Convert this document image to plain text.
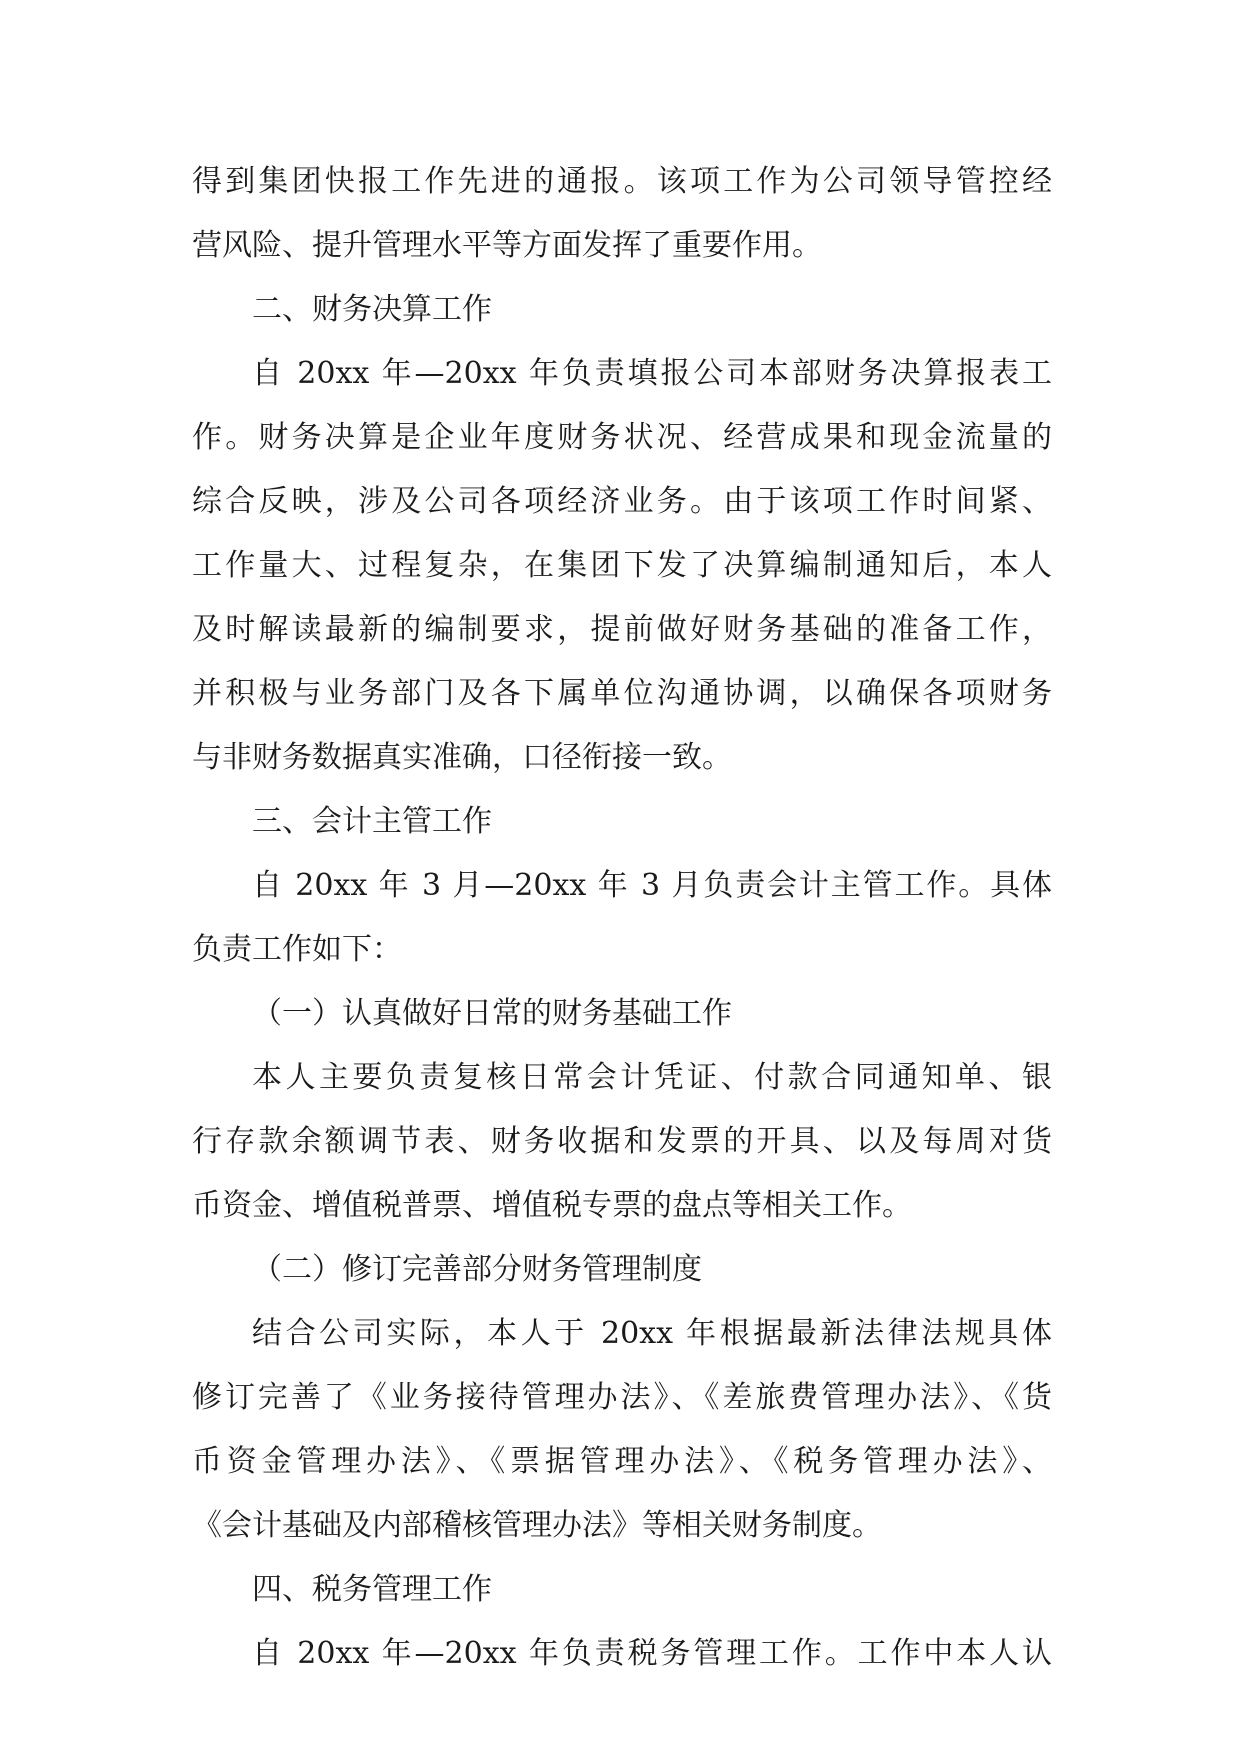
得到集团快报工作先进的通报。该项工作为公司领导管控经
营风险、提升管理水平等方面发挥了重要作用。
二、财务决算工作
自 20xx 年—20xx 年负责填报公司本部财务决算报表工
作。财务决算是企业年度财务状况、经营成果和现金流量的
综合反映，涉及公司各项经济业务。由于该项工作时间紧、
工作量大、过程复杂，在集团下发了决算编制通知后，本人
及时解读最新的编制要求，提前做好财务基础的准备工作，
并积极与业务部门及各下属单位沟通协调，以确保各项财务
与非财务数据真实准确，口径衔接一致。
三、会计主管工作
自 20xx 年 3 月—20xx 年 3 月负责会计主管工作。具体
负责工作如下：
（一）认真做好日常的财务基础工作
本人主要负责复核日常会计凭证、付款合同通知单、银
行存款余额调节表、财务收据和发票的开具、以及每周对货
币资金、增值税普票、增值税专票的盘点等相关工作。
（二）修订完善部分财务管理制度
结合公司实际，本人于 20xx 年根据最新法律法规具体
修订完善了《业务接待管理办法》、《差旅费管理办法》、《货
币资金管理办法》、《票据管理办法》、《税务管理办法》、
《会计基础及内部稽核管理办法》等相关财务制度。
四、税务管理工作
自 20xx 年—20xx 年负责税务管理工作。工作中本人认
